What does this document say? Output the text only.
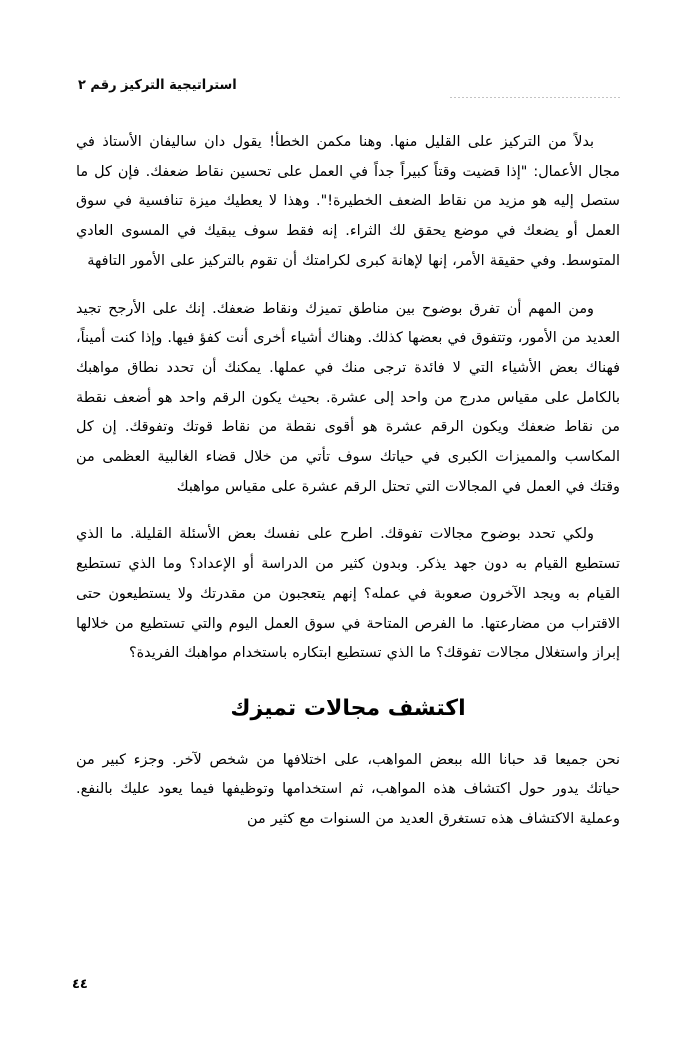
استراتيجية التركيز رقم ٢

بدلاً من التركيز على القليل منها. وهنا مكمن الخطأ! يقول دان ساليفان الأستاذ في مجال الأعمال: "إذا قضيت وقتاً كبيراً جداً في العمل على تحسين نقاط ضعفك. فإن كل ما ستصل إليه هو مزيد من نقاط الضعف الخطيرة!". وهذا لا يعطيك ميزة تنافسية في سوق العمل أو يضعك في موضع يحقق لك الثراء. إنه فقط سوف يبقيك في المسوى العادي المتوسط. وفي حقيقة الأمر، إنها لإهانة كبرى لكرامتك أن تقوم بالتركيز على الأمور التافهة

ومن المهم أن تفرق بوضوح بين مناطق تميزك ونقاط ضعفك. إنك على الأرجح تجيد العديد من الأمور، وتتفوق في بعضها كذلك. وهناك أشياء أخرى أنت كفؤ فيها. وإذا كنت أميناً، فهناك بعض الأشياء التي لا فائدة ترجى منك في عملها. يمكنك أن تحدد نطاق مواهبك بالكامل على مقياس مدرج من واحد إلى عشرة. بحيث يكون الرقم واحد هو أضعف نقطة من نقاط ضعفك ويكون الرقم عشرة هو أقوى نقطة من نقاط قوتك وتفوقك. إن كل المكاسب والمميزات الكبرى في حياتك سوف تأتي من خلال قضاء الغالبية العظمى من وقتك في العمل في المجالات التي تحتل الرقم عشرة على مقياس مواهبك

ولكي تحدد بوضوح مجالات تفوقك. اطرح على نفسك بعض الأسئلة القليلة. ما الذي تستطيع القيام به دون جهد يذكر. وبدون كثير من الدراسة أو الإعداد؟ وما الذي تستطيع القيام به ويجد الآخرون صعوبة في عمله؟ إنهم يتعجبون من مقدرتك ولا يستطيعون حتى الاقتراب من مضارعتها. ما الفرص المتاحة في سوق العمل اليوم والتي تستطيع من خلالها إبراز واستغلال مجالات تفوقك؟ ما الذي تستطيع ابتكاره باستخدام مواهبك الفريدة؟

اكتشف مجالات تميزك

نحن جميعا قد حبانا الله ببعض المواهب، على اختلافها من شخص لآخر. وجزء كبير من حياتك يدور حول اكتشاف هذه المواهب، ثم استخدامها وتوظيفها فيما يعود عليك بالنفع. وعملية الاكتشاف هذه تستغرق العديد من السنوات مع كثير من

٤٤
